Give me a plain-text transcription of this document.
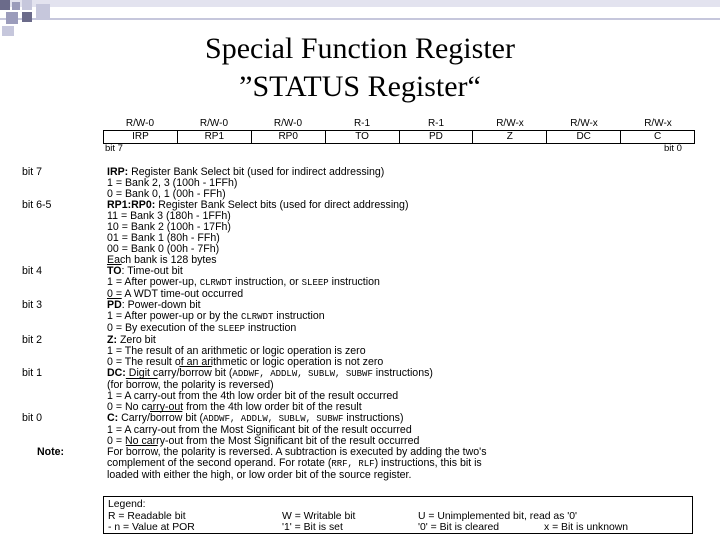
Special Function Register
”STATUS Register“
R/W-0	R/W-0	R/W-0	R-1	R-1	R/W-x	R/W-x	R/W-x
IRP	RP1	RP0	$\overline{TO}$	$\overline{PD}$	Z	DC	C
bit 7	bit 0
bit 7	IRP: Register Bank Select bit (used for indirect addressing)
1 = Bank 2, 3 (100h - 1FFh)
0 = Bank 0, 1 (00h - FFh)
bit 6-5	RP1:RP0: Register Bank Select bits (used for direct addressing)
11 = Bank 3 (180h - 1FFh)
10 = Bank 2 (100h - 17Fh)
01 = Bank 1 (80h - FFh)
00 = Bank 0 (00h - 7Fh)
Each bank is 128 bytes
bit 4	$\overline{TO}$: Time-out bit
1 = After power-up, CLRWDT instruction, or SLEEP instruction
0 = A WDT time-out occurred
bit 3	$\overline{PD}$: Power-down bit
1 = After power-up or by the CLRWDT instruction
0 = By execution of the SLEEP instruction
bit 2	Z: Zero bit
1 = The result of an arithmetic or logic operation is zero
0 = The result of an arithmetic or logic operation is not zero
bit 1	DC: Digit carry/borrow bit (ADDWF, ADDLW, SUBLW, SUBWF instructions)
(for borrow, the polarity is reversed)
1 = A carry-out from the 4th low order bit of the result occurred
0 = No carry-out from the 4th low order bit of the result
bit 0	C: Carry/borrow bit (ADDWF, ADDLW, SUBLW, SUBWF instructions)
1 = A carry-out from the Most Significant bit of the result occurred
0 = No carry-out from the Most Significant bit of the result occurred
Note:	For borrow, the polarity is reversed. A subtraction is executed by adding the two's
complement of the second operand. For rotate (RRF, RLF) instructions, this bit is
loaded with either the high, or low order bit of the source register.
Legend:
R = Readable bit	W = Writable bit	U = Unimplemented bit, read as '0'
- n = Value at POR	'1' = Bit is set	'0' = Bit is cleared	x = Bit is unknown
